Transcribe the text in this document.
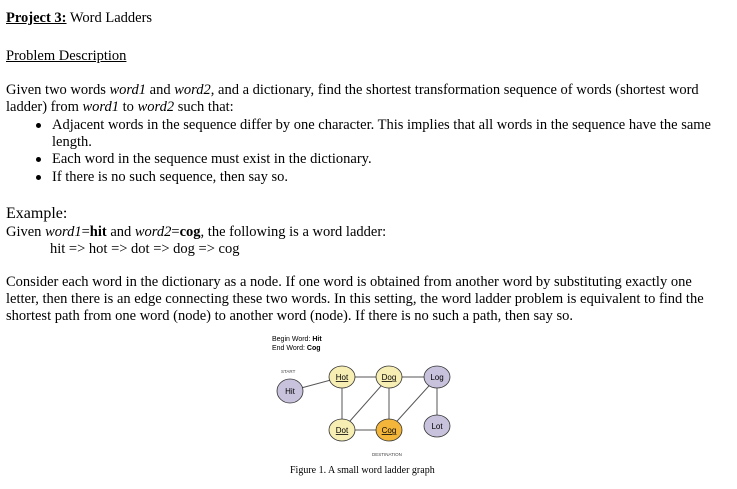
Project 3: Word Ladders
Problem Description
Given two words word1 and word2, and a dictionary, find the shortest transformation sequence of words (shortest word
ladder) from word1 to word2 such that:
Adjacent words in the sequence differ by one character. This implies that all words in the sequence have the same
length.
Each word in the sequence must exist in the dictionary.
If there is no such sequence, then say so.
Example:
Given word1=hit and word2=cog, the following is a word ladder:
hit => hot => dot => dog => cog
Consider each word in the dictionary as a node. If one word is obtained from another word by substituting exactly one
letter, then there is an edge connecting these two words. In this setting, the word ladder problem is equivalent to find the
shortest path from one word (node) to another word (node). If there is no such a path, then say so.
Begin Word: Hit
End Word: Cog
START
DESTINATION
Hit
Hot	Dog	Log
Dot	Cog	Lot
Figure 1. A small word ladder graph
